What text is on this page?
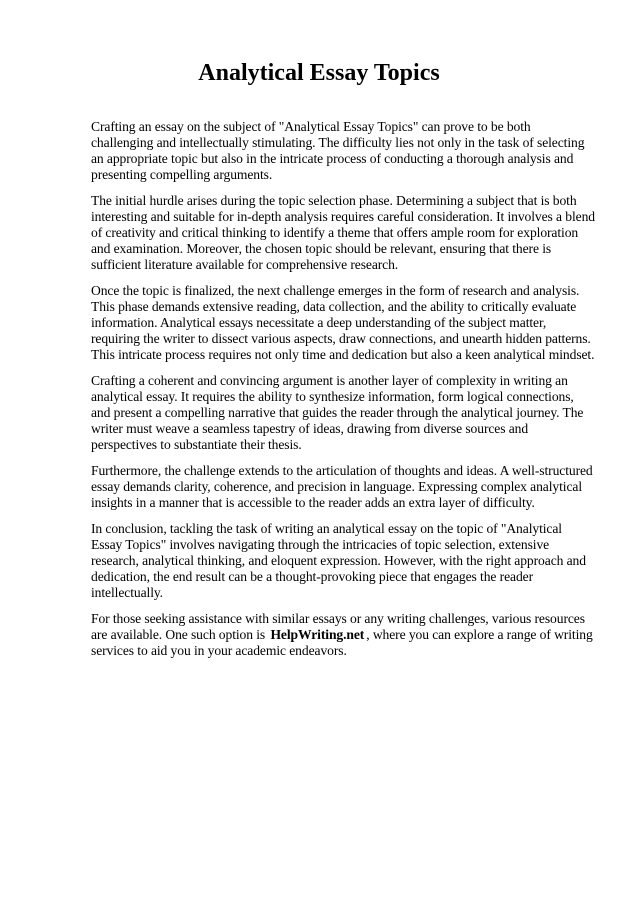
Analytical Essay Topics

Crafting an essay on the subject of "Analytical Essay Topics" can prove to be both challenging and intellectually stimulating. The difficulty lies not only in the task of selecting an appropriate topic but also in the intricate process of conducting a thorough analysis and presenting compelling arguments.

The initial hurdle arises during the topic selection phase. Determining a subject that is both interesting and suitable for in-depth analysis requires careful consideration. It involves a blend of creativity and critical thinking to identify a theme that offers ample room for exploration and examination. Moreover, the chosen topic should be relevant, ensuring that there is sufficient literature available for comprehensive research.

Once the topic is finalized, the next challenge emerges in the form of research and analysis. This phase demands extensive reading, data collection, and the ability to critically evaluate information. Analytical essays necessitate a deep understanding of the subject matter, requiring the writer to dissect various aspects, draw connections, and unearth hidden patterns. This intricate process requires not only time and dedication but also a keen analytical mindset.

Crafting a coherent and convincing argument is another layer of complexity in writing an analytical essay. It requires the ability to synthesize information, form logical connections, and present a compelling narrative that guides the reader through the analytical journey. The writer must weave a seamless tapestry of ideas, drawing from diverse sources and perspectives to substantiate their thesis.

Furthermore, the challenge extends to the articulation of thoughts and ideas. A well-structured essay demands clarity, coherence, and precision in language. Expressing complex analytical insights in a manner that is accessible to the reader adds an extra layer of difficulty.

In conclusion, tackling the task of writing an analytical essay on the topic of "Analytical Essay Topics" involves navigating through the intricacies of topic selection, extensive research, analytical thinking, and eloquent expression. However, with the right approach and dedication, the end result can be a thought-provoking piece that engages the reader intellectually.

For those seeking assistance with similar essays or any writing challenges, various resources are available. One such option is HelpWriting.net , where you can explore a range of writing services to aid you in your academic endeavors.
